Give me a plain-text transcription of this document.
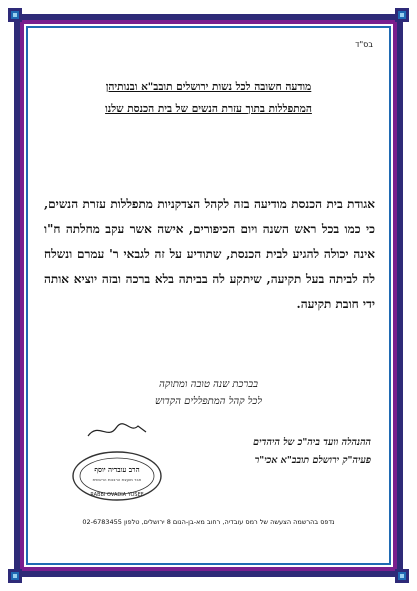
בס"ד
מודעה חשובה לכל נשות ירושלים תובב"א ובנותיהן
המתפללות בתוך עזרת הנשים של בית הכנסת שלנו
אגודת בית הכנסת מודיעה בזה לקהל הצדקניות מתפללות עזרת הנשים, כי כמו בכל ראש השנה ויום הכיפורים, אישה אשר עקב מחלתה ח"ו אינה יכולה להגיע לבית הכנסת, שתודיע על זה לגבאי ר' עמרם ונשלח לה לביתה בעל תקיעה, שיתקע לה בביתה בלא ברכה ובזה יוציא אותה ידי חובת תקיעה.
בברכת שנה טובה ומתוקה
לכל קהל המתפללים הקדוש
ההנהלה וועד ביה"כ של היהדים
פעיה"ק ירושלם תובב"א אכי"ר
הרב עובדיה יוסף
חבר מועצת הרבנות הראשית
RABBI OVADIA YOSEF
נדפס בהרשמה הצעשה של רמס עובדיה, רחוב מא-בן-הנום 8 ירושלים, טלפון 02-6783455
